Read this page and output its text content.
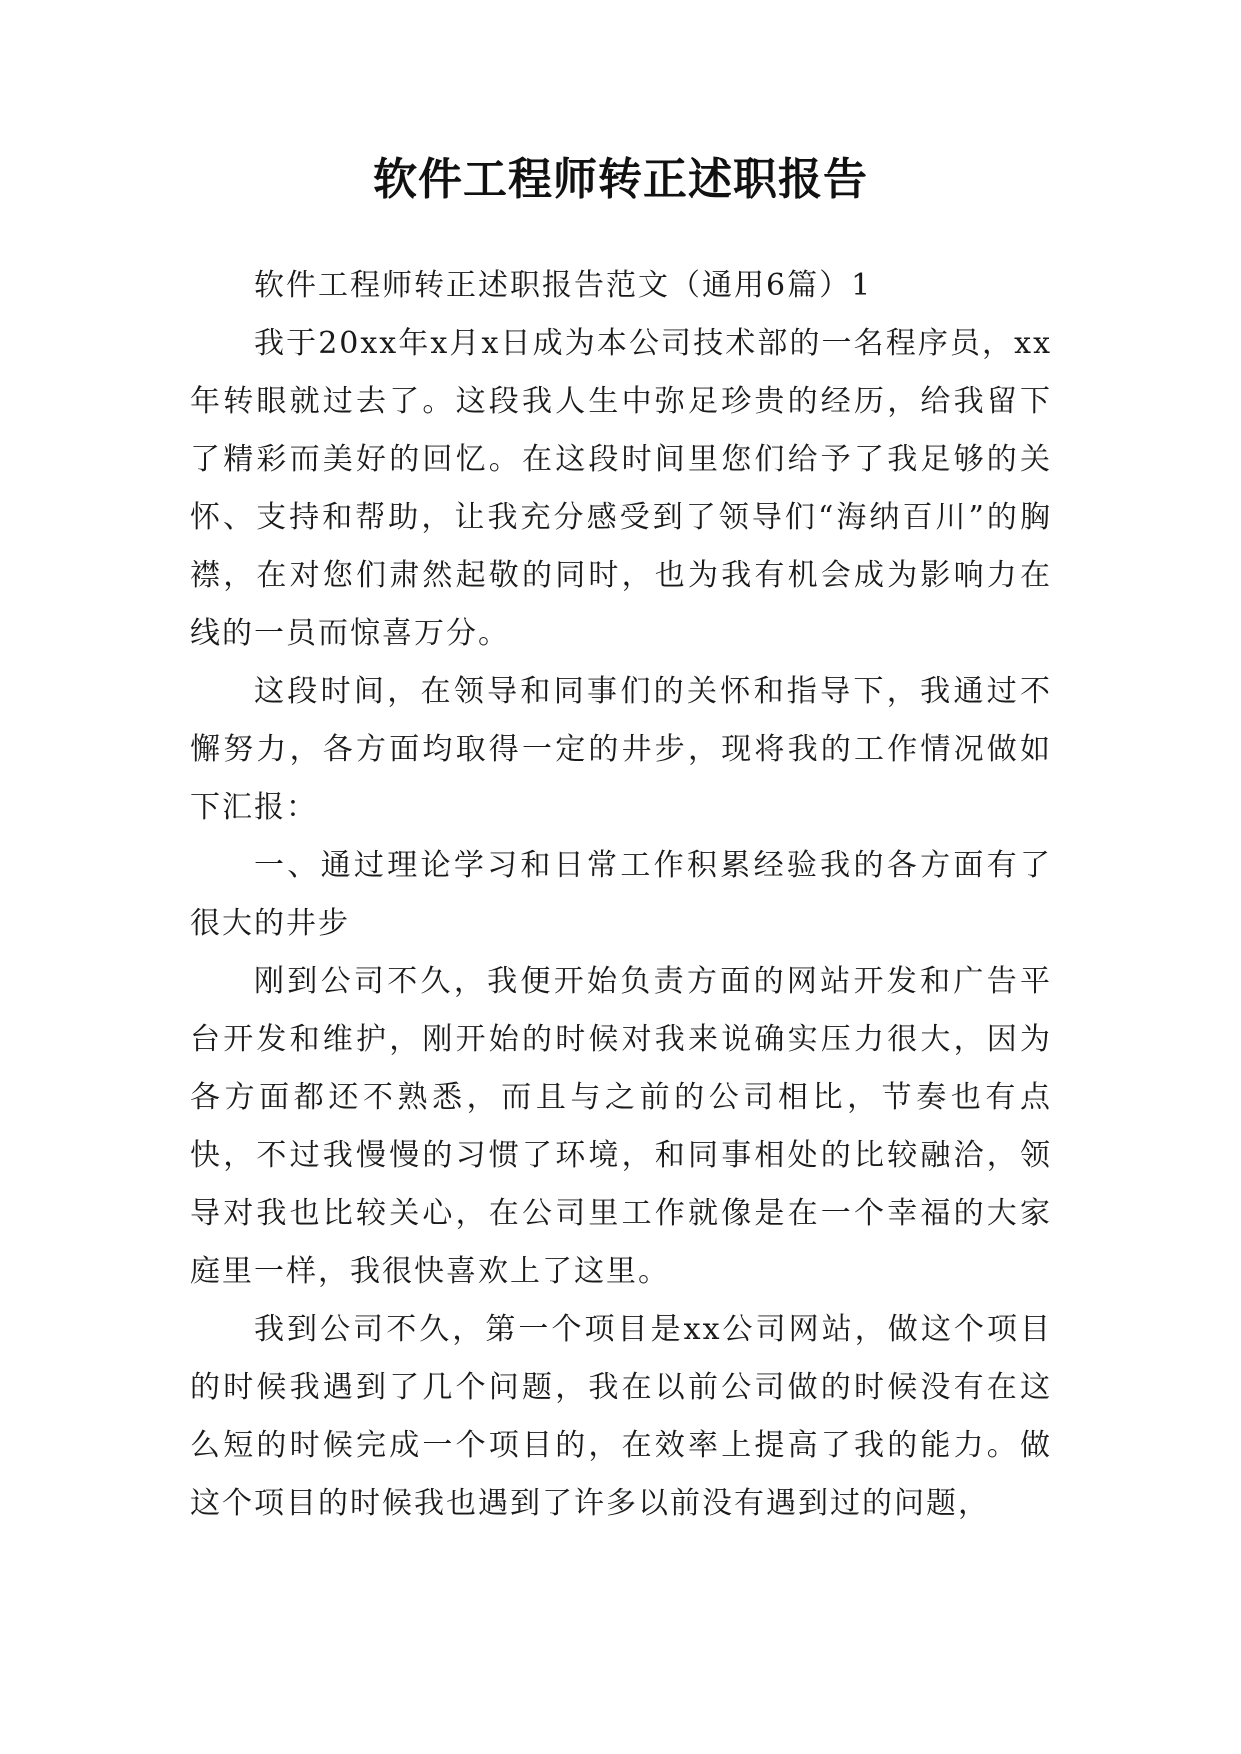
软件工程师转正述职报告

软件工程师转正述职报告范文（通用6篇）1

我于20xx年x月x日成为本公司技术部的一名程序员，xx年转眼就过去了。这段我人生中弥足珍贵的经历，给我留下了精彩而美好的回忆。在这段时间里您们给予了我足够的关怀、支持和帮助，让我充分感受到了领导们“海纳百川”的胸襟，在对您们肃然起敬的同时，也为我有机会成为影响力在线的一员而惊喜万分。

这段时间，在领导和同事们的关怀和指导下，我通过不懈努力，各方面均取得一定的井步，现将我的工作情况做如下汇报：

一、通过理论学习和日常工作积累经验我的各方面有了很大的井步

刚到公司不久，我便开始负责方面的网站开发和广告平台开发和维护，刚开始的时候对我来说确实压力很大，因为各方面都还不熟悉，而且与之前的公司相比，节奏也有点快，不过我慢慢的习惯了环境，和同事相处的比较融洽，领导对我也比较关心，在公司里工作就像是在一个幸福的大家庭里一样，我很快喜欢上了这里。

我到公司不久，第一个项目是xx公司网站，做这个项目的时候我遇到了几个问题，我在以前公司做的时候没有在这么短的时候完成一个项目的，在效率上提高了我的能力。做这个项目的时候我也遇到了许多以前没有遇到过的问题，
